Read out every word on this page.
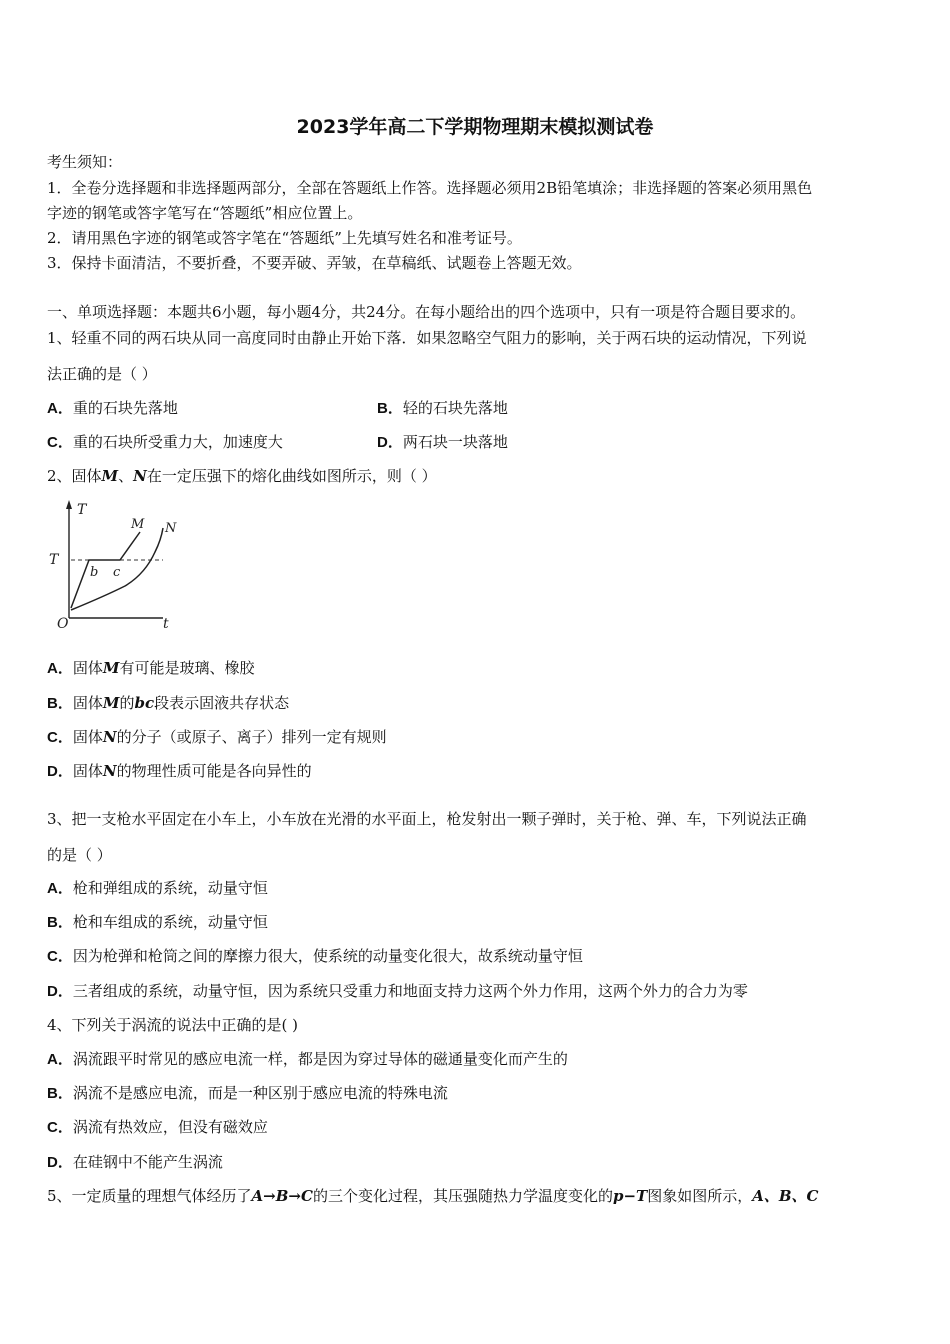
2023学年高二下学期物理期末模拟测试卷
考生须知：
1．全卷分选择题和非选择题两部分，全部在答题纸上作答。选择题必须用2B铅笔填涂；非选择题的答案必须用黑色
字迹的钢笔或答字笔写在“答题纸”相应位置上。
2．请用黑色字迹的钢笔或答字笔在“答题纸”上先填写姓名和准考证号。
3．保持卡面清洁，不要折叠，不要弄破、弄皱，在草稿纸、试题卷上答题无效。
一、单项选择题：本题共6小题，每小题4分，共24分。在每小题给出的四个选项中，只有一项是符合题目要求的。
1、轻重不同的两石块从同一高度同时由静止开始下落．如果忽略空气阻力的影响，关于两石块的运动情况，下列说
法正确的是（ ）
A．重的石块先落地	B．轻的石块先落地
C．重的石块所受重力大，加速度大	D．两石块一块落地
2、固体M、N在一定压强下的熔化曲线如图所示，则（ ）
T
T
b c
M N
O	t
A．固体M有可能是玻璃、橡胶
B．固体M的bc段表示固液共存状态
C．固体N的分子（或原子、离子）排列一定有规则
D．固体N的物理性质可能是各向异性的
3、把一支枪水平固定在小车上，小车放在光滑的水平面上，枪发射出一颗子弹时，关于枪、弹、车，下列说法正确
的是（ ）
A．枪和弹组成的系统，动量守恒
B．枪和车组成的系统，动量守恒
C．因为枪弹和枪筒之间的摩擦力很大，使系统的动量变化很大，故系统动量守恒
D．三者组成的系统，动量守恒，因为系统只受重力和地面支持力这两个外力作用，这两个外力的合力为零
4、下列关于涡流的说法中正确的是( )
A．涡流跟平时常见的感应电流一样，都是因为穿过导体的磁通量变化而产生的
B．涡流不是感应电流，而是一种区别于感应电流的特殊电流
C．涡流有热效应，但没有磁效应
D．在硅钢中不能产生涡流
5、一定质量的理想气体经历了A→B→C的三个变化过程，其压强随热力学温度变化的p−T图象如图所示，A、B、C
